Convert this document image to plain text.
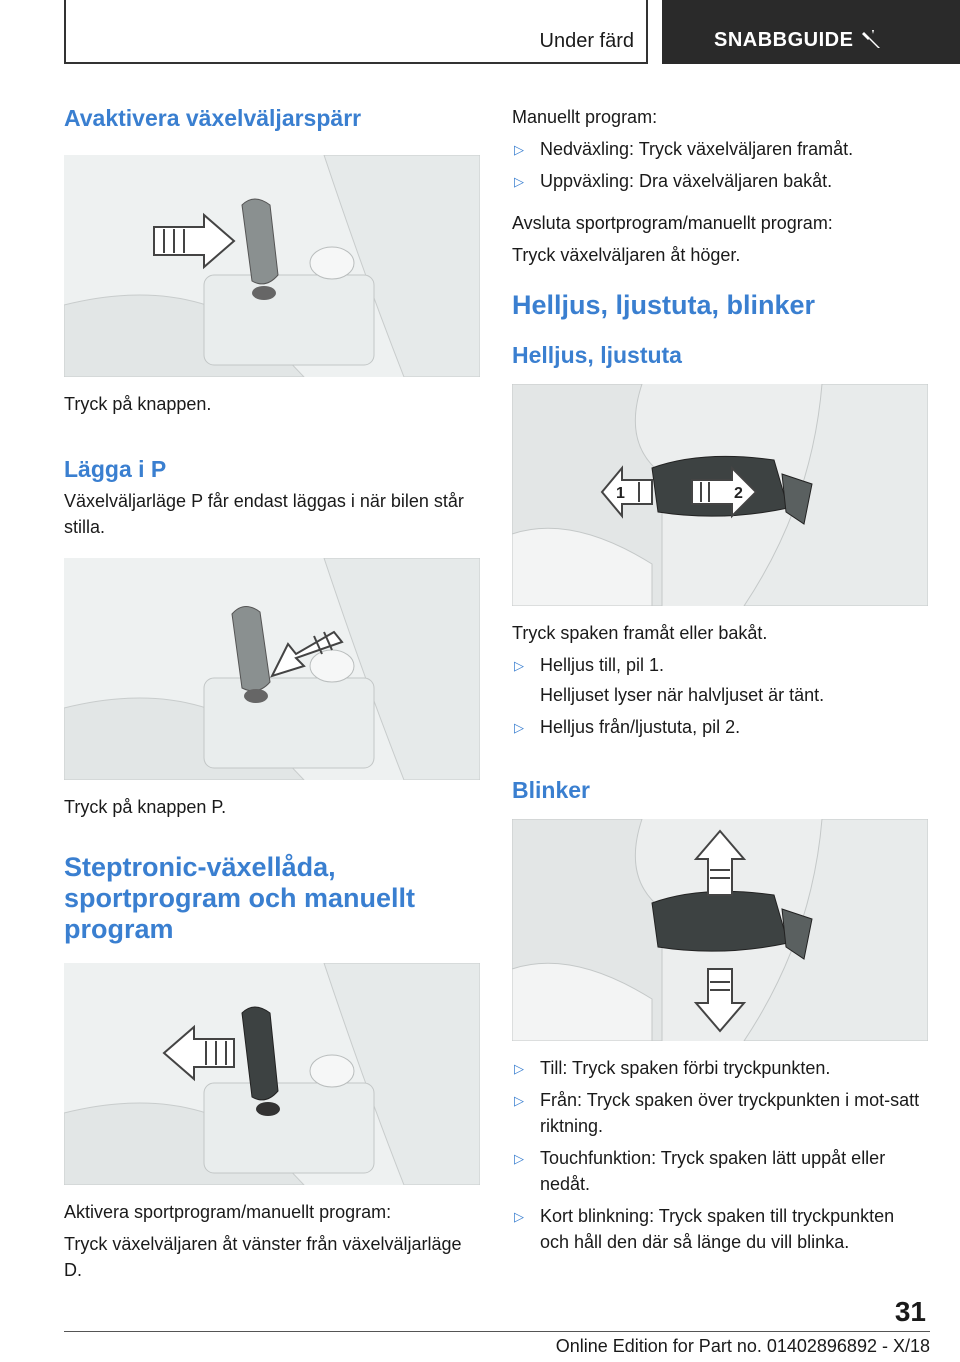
Under färd	SNABBGUIDE
Avaktivera växelväljarspärr

Tryck på knappen.

Lägga i P

Växelväljarläge P får endast läggas i när bilen står stilla.

Tryck på knappen P.

Steptronic-växellåda, sportprogram och manuellt program

Aktivera sportprogram/manuellt program:

Tryck växelväljaren åt vänster från växelväljarläge D.

Manuellt program:

▷ Nedväxling: Tryck växelväljaren framåt.
▷ Uppväxling: Dra växelväljaren bakåt.

Avsluta sportprogram/manuellt program:

Tryck växelväljaren åt höger.

Helljus, ljustuta, blinker
Helljus, ljustuta
1	2

Tryck spaken framåt eller bakåt.

▷ Helljus till, pil 1.
Helljuset lyser när halvljuset är tänt.
▷ Helljus från/ljustuta, pil 2.
Blinker
▷ Till: Tryck spaken förbi tryckpunkten.
▷ Från: Tryck spaken över tryckpunkten i mot-satt riktning.
▷ Touchfunktion: Tryck spaken lätt uppåt eller nedåt.
▷ Kort blinkning: Tryck spaken till tryckpunkten och håll den där så länge du vill blinka.
31
Online Edition for Part no. 01402896892 - X/18
